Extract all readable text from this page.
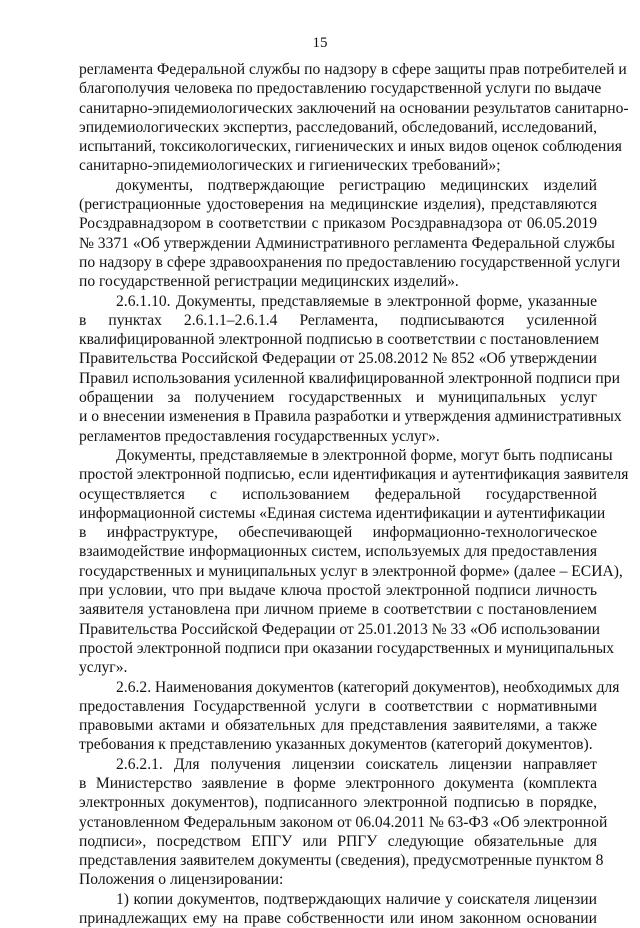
15

регламента Федеральной службы по надзору в сфере защиты прав потребителей и
благополучия человека по предоставлению государственной услуги по выдаче
санитарно-эпидемиологических заключений на основании результатов санитарно-
эпидемиологических экспертиз, расследований, обследований, исследований,
испытаний, токсикологических, гигиенических и иных видов оценок соблюдения
санитарно-эпидемиологических и гигиенических требований»;

документы, подтверждающие регистрацию медицинских изделий
(регистрационные удостоверения на медицинские изделия), представляются
Росздравнадзором в соответствии с приказом Росздравнадзора от 06.05.2019
№ 3371 «Об утверждении Административного регламента Федеральной службы
по надзору в сфере здравоохранения по предоставлению государственной услуги
по государственной регистрации медицинских изделий».

2.6.1.10. Документы, представляемые в электронной форме, указанные
в пунктах 2.6.1.1–2.6.1.4 Регламента, подписываются усиленной
квалифицированной электронной подписью в соответствии с постановлением
Правительства Российской Федерации от 25.08.2012 № 852 «Об утверждении
Правил использования усиленной квалифицированной электронной подписи при
обращении за получением государственных и муниципальных услуг
и о внесении изменения в Правила разработки и утверждения административных
регламентов предоставления государственных услуг».

Документы, представляемые в электронной форме, могут быть подписаны
простой электронной подписью, если идентификация и аутентификация заявителя
осуществляется с использованием федеральной государственной
информационной системы «Единая система идентификации и аутентификации
в инфраструктуре, обеспечивающей информационно-технологическое
взаимодействие информационных систем, используемых для предоставления
государственных и муниципальных услуг в электронной форме» (далее – ЕСИА),
при условии, что при выдаче ключа простой электронной подписи личность
заявителя установлена при личном приеме в соответствии с постановлением
Правительства Российской Федерации от 25.01.2013 № 33 «Об использовании
простой электронной подписи при оказании государственных и муниципальных
услуг».

2.6.2. Наименования документов (категорий документов), необходимых для
предоставления Государственной услуги в соответствии с нормативными
правовыми актами и обязательных для представления заявителями, а также
требования к представлению указанных документов (категорий документов).

2.6.2.1. Для получения лицензии соискатель лицензии направляет
в Министерство заявление в форме электронного документа (комплекта
электронных документов), подписанного электронной подписью в порядке,
установленном Федеральным законом от 06.04.2011 № 63-ФЗ «Об электронной
подписи», посредством ЕПГУ или РПГУ следующие обязательные для
представления заявителем документы (сведения), предусмотренные пунктом 8
Положения о лицензировании:

1) копии документов, подтверждающих наличие у соискателя лицензии
принадлежащих ему на праве собственности или ином законном основании
